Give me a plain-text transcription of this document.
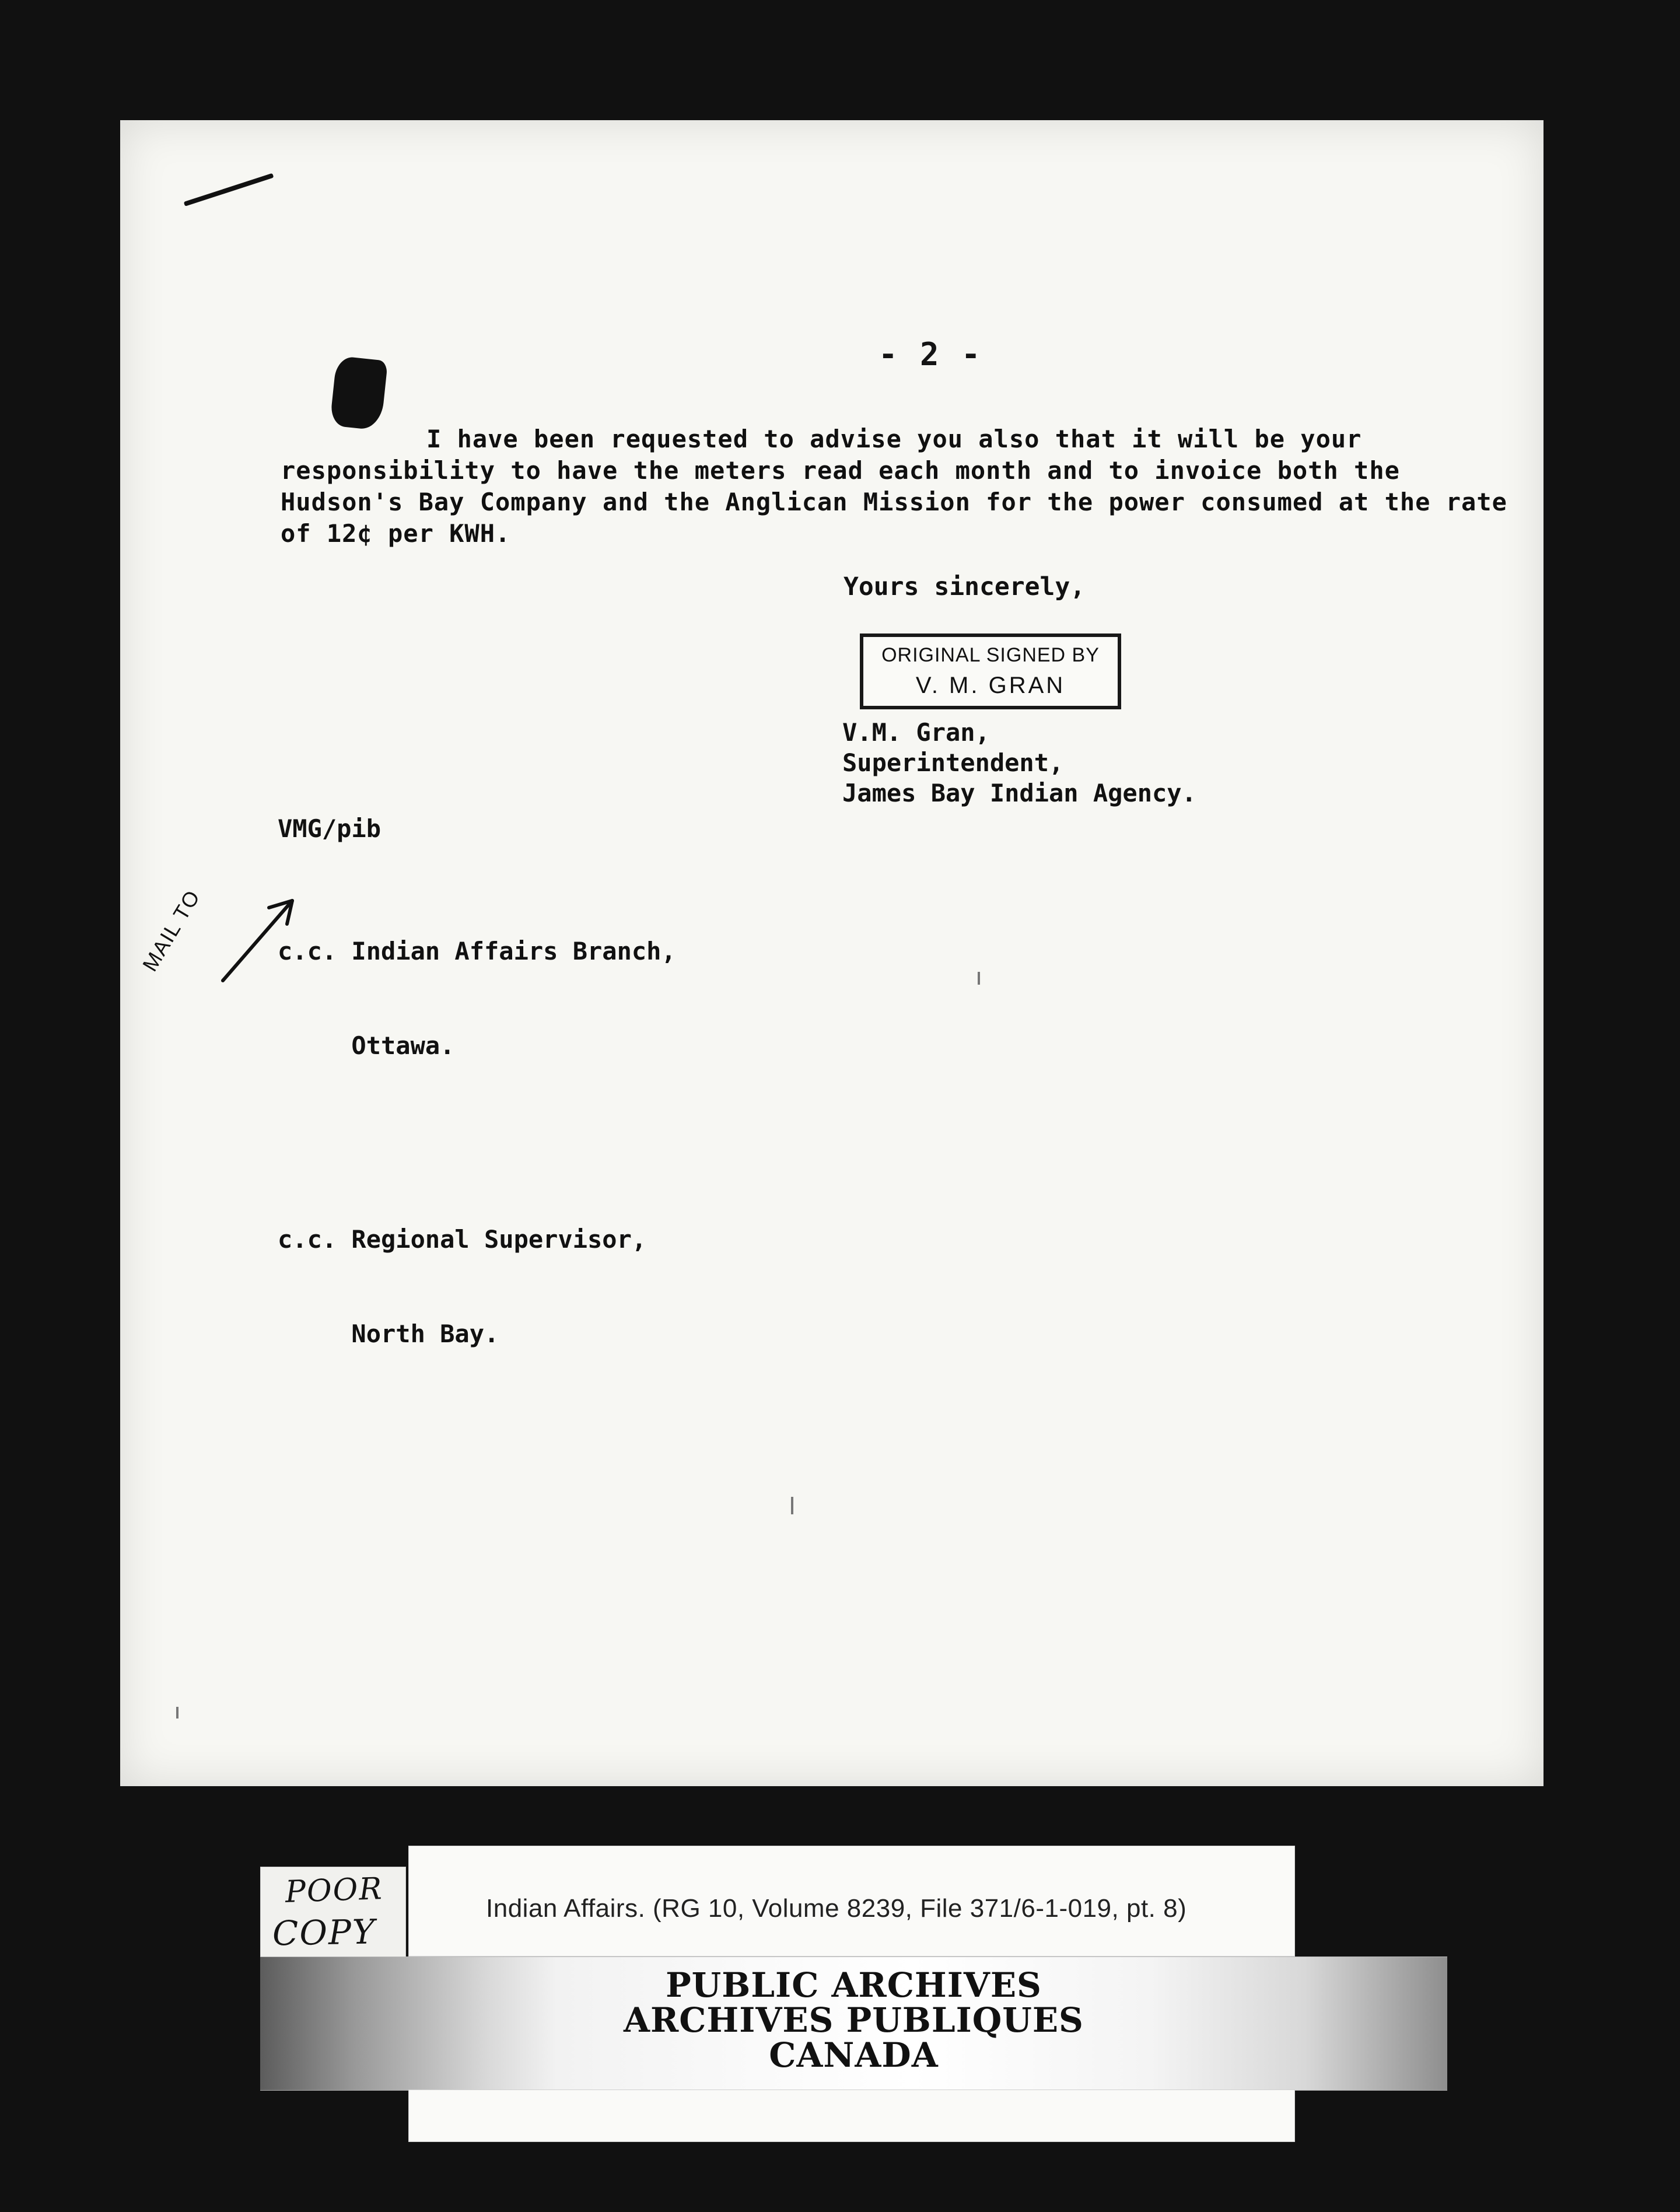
- 2 -
I have been requested to advise you also that it will be your responsibility to have the meters read each month and to invoice both the Hudson's Bay Company and the Anglican Mission for the power consumed at the rate of 12¢ per KWH.
Yours sincerely,
ORIGINAL SIGNED BY
V. M. GRAN
V.M. Gran,
Superintendent,
James Bay Indian Agency.
VMG/pib

c.c. Indian Affairs Branch,

Ottawa.

c.c. Regional Supervisor,

North Bay.

MAIL TO
POOR
COPY
Indian Affairs. (RG 10, Volume 8239, File 371/6-1-019, pt. 8)
PUBLIC ARCHIVES
ARCHIVES PUBLIQUES
CANADA
